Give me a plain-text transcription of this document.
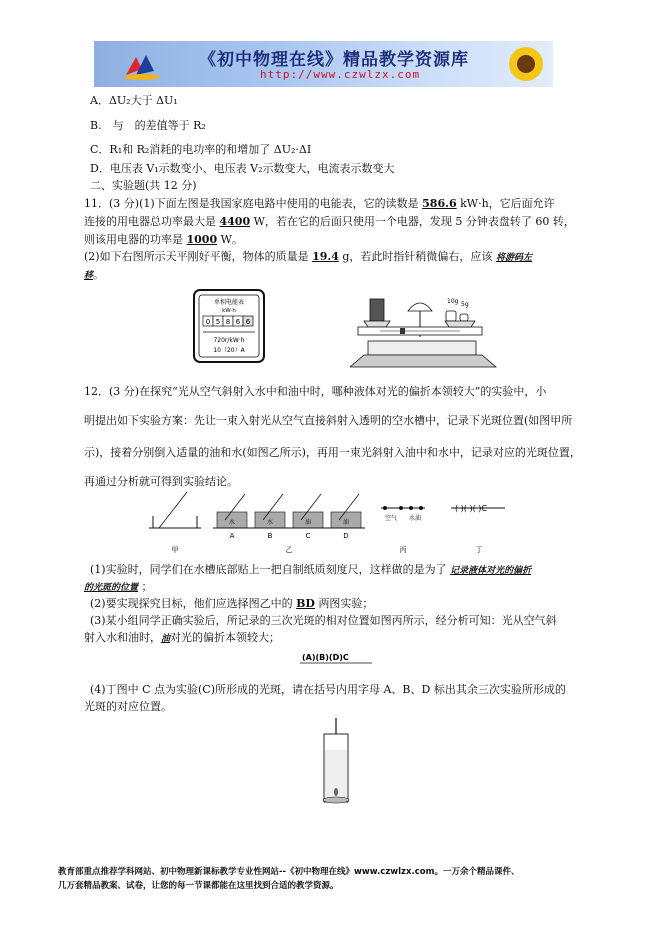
《初中物理在线》精品教学资源库
http://www.czwlzx.com
A．ΔU₂大于 ΔU₁
B.　与　的差值等于 R₂
C．R₁和 R₂消耗的电功率的和增加了 ΔU₂·ΔI
D．电压表 V₁示数变小、电压表 V₂示数变大，电流表示数变大
二、实验题(共 12 分)
11．(3 分)(1)下面左图是我国家庭电路中使用的电能表，它的读数是 586.6 kW·h，它后面允许
连接的用电器总功率最大是 4400 W，若在它的后面只使用一个电器，发现 5 分钟表盘转了 60 转，
则该用电器的功率是 1000 W。
(2)如下右图所示天平刚好平衡，物体的质量是 19.4 g，若此时指针稍微偏右，应该 将游码左
移。
单相电能表
kW·h
0 5 8 6 6
720r/kW·h
10（20）A
10g 5g
12．(3 分)在探究“光从空气斜射入水中和油中时，哪种液体对光的偏折本领较大”的实验中，小
明提出如下实验方案：先让一束入射光从空气直接斜射入透明的空水槽中，记录下光斑位置(如图甲所
示)，接着分别倒入适量的油和水(如图乙所示)，再用一束光斜射入油中和水中，记录对应的光斑位置，
再通过分析就可得到实验结论。
水	水	油	油
A	B	C	D
空气 水油
( )( )( )C
甲	乙	丙	丁
(1)实验时，同学们在水槽底部贴上一把自制纸质刻度尺，这样做的是为了 记录液体对光的偏折
的光斑的位置 ；
(2)要实现探究目标，他们应选择图乙中的 BD 两图实验；
(3)某小组同学正确实验后，所记录的三次光斑的相对位置如图丙所示，经分析可知：光从空气斜
射入水和油时，油对光的偏折本领较大；
(A)(B)(D)C
(4)丁图中 C 点为实验(C)所形成的光斑，请在括号内用字母 A、B、D 标出其余三次实验所形成的
光斑的对应位置。
教育部重点推荐学科网站、初中物理新课标教学专业性网站--《初中物理在线》www.czwlzx.com。一万余个精品课件、
几万套精品教案、试卷，让您的每一节课都能在这里找到合适的教学资源。
